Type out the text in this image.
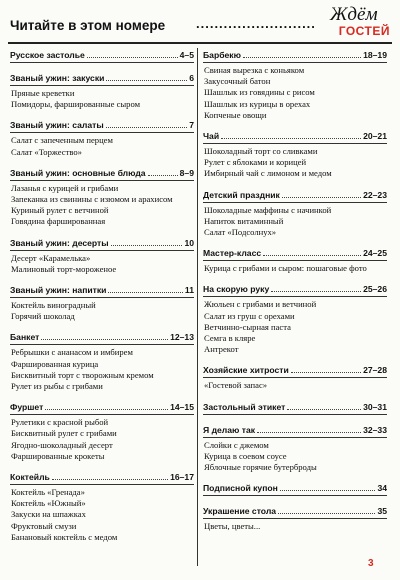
Читайте в этом номере .......................... Ждём
ГОСТЕЙ
Русское застолье	4–5
Званый ужин: закуски	6
Пряные креветки
Помидоры, фаршированные сыром
Званый ужин: салаты	7
Салат с запеченным перцем
Салат «Торжество»
Званый ужин: основные блюда	8–9
Лазанья с курицей и грибами
Запеканка из свинины с изюмом и арахисом
Куриный рулет с ветчиной
Говядина фаршированная
Званый ужин: десерты	10
Десерт «Карамелька»
Малиновый торт-мороженое
Званый ужин: напитки	11
Коктейль виноградный
Горячий шоколад
Банкет	12–13
Ребрышки с ананасом и имбирем
Фаршированная курица
Бисквитный торт с творожным кремом
Рулет из рыбы с грибами
Фуршет	14–15
Рулетики с красной рыбой
Бисквитный рулет с грибами
Ягодно-шоколадный десерт
Фаршированные крокеты
Коктейль	16–17
Коктейль «Гренада»
Коктейль «Южный»
Закуски на шпажках
Фруктовый смузи
Банановый коктейль с медом
Барбекю	18–19
Свиная вырезка с коньяком
Закусочный батон
Шашлык из говядины с рисом
Шашлык из курицы в орехах
Копченые овощи
Чай	20–21
Шоколадный торт со сливками
Рулет с яблоками и корицей
Имбирный чай с лимоном и медом
Детский праздник	22–23
Шоколадные маффины с начинкой
Напиток витаминный
Салат «Подсолнух»
Мастер-класс	24–25
Курица с грибами и сыром: пошаговые фото
На скорую руку	25–26
Жюльен с грибами и ветчиной
Салат из груш с орехами
Ветчинно-сырная паста
Семга в кляре
Антрекот
Хозяйские хитрости	27–28
«Гостевой запас»
Застольный этикет	30–31
Я делаю так	32–33
Слойки с джемом
Курица в соевом соусе
Яблочные горячие бутерброды
Подписной купон	34
Украшение стола	35
Цветы, цветы...
3
